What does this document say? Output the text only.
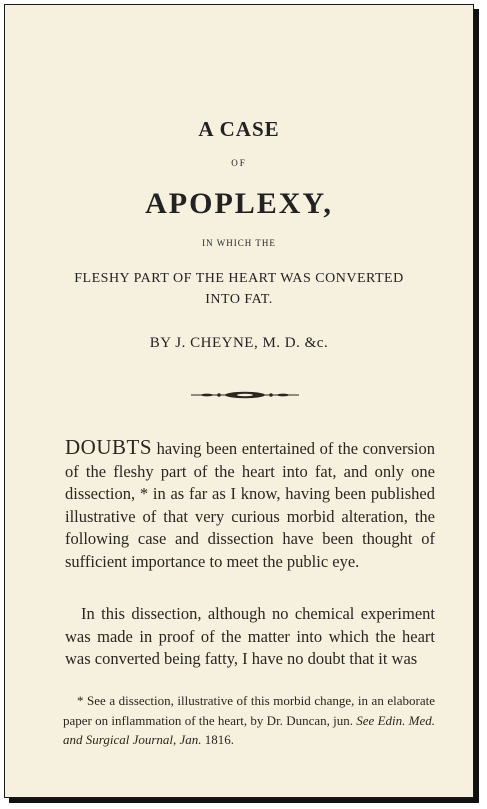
A CASE
OF
APOPLEXY,
IN WHICH THE
FLESHY PART OF THE HEART WAS CONVERTED
INTO FAT.
BY J. CHEYNE, M. D. &c.
DOUBTS having been entertained of the conversion of the fleshy part of the heart into fat, and only one dissection, * in as far as I know, having been published illustrative of that very curious morbid alteration, the following case and dissection have been thought of sufficient importance to meet the public eye.
In this dissection, although no chemical experiment was made in proof of the matter into which the heart was converted being fatty, I have no doubt that it was
* See a dissection, illustrative of this morbid change, in an elaborate paper on inflammation of the heart, by Dr. Duncan, jun. See Edin. Med. and Surgical Journal, Jan. 1816.
